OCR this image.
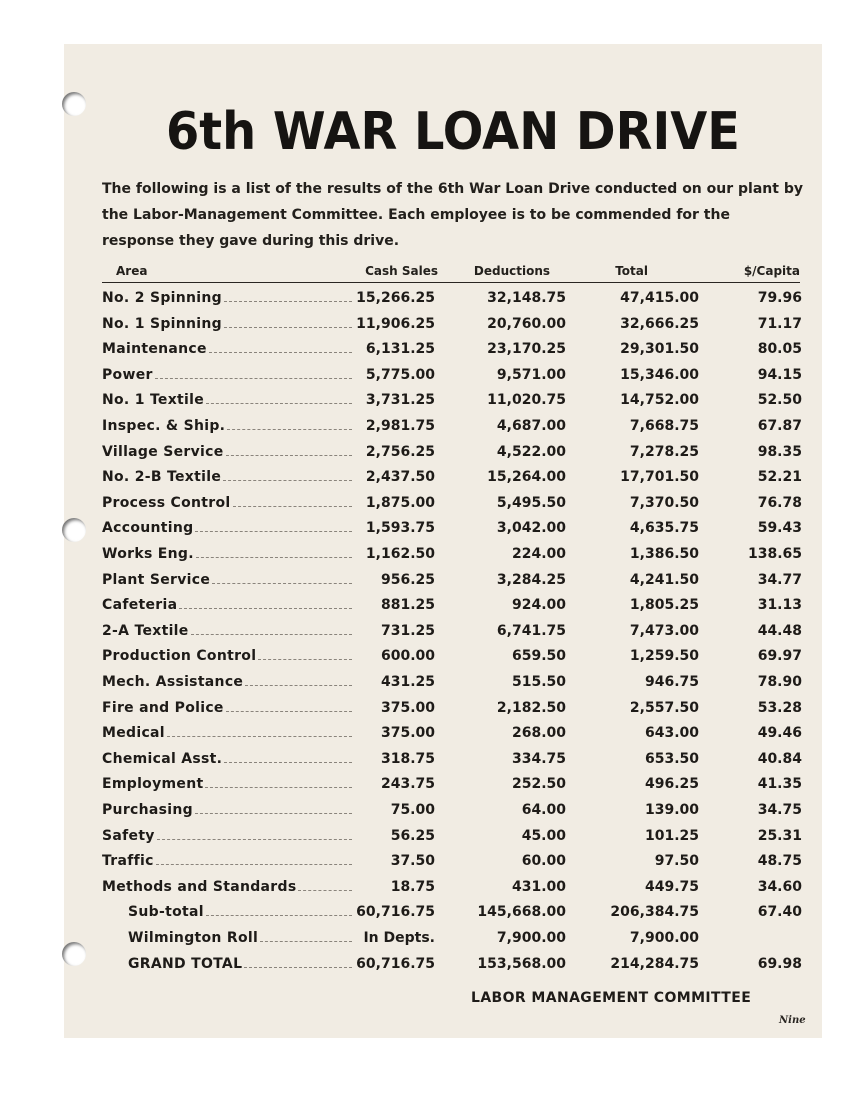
6th WAR LOAN DRIVE
The following is a list of the results of the 6th War Loan Drive conducted on our plant by the Labor-Management Committee. Each employee is to be commended for the response they gave during this drive.
Area	Cash Sales	Deductions	Total	$/Capita
No. 2 Spinning	15,266.25	32,148.75	47,415.00	79.96
No. 1 Spinning	11,906.25	20,760.00	32,666.25	71.17
Maintenance	6,131.25	23,170.25	29,301.50	80.05
Power	5,775.00	9,571.00	15,346.00	94.15
No. 1 Textile	3,731.25	11,020.75	14,752.00	52.50
Inspec. & Ship.	2,981.75	4,687.00	7,668.75	67.87
Village Service	2,756.25	4,522.00	7,278.25	98.35
No. 2-B Textile	2,437.50	15,264.00	17,701.50	52.21
Process Control	1,875.00	5,495.50	7,370.50	76.78
Accounting	1,593.75	3,042.00	4,635.75	59.43
Works Eng.	1,162.50	224.00	1,386.50	138.65
Plant Service	956.25	3,284.25	4,241.50	34.77
Cafeteria	881.25	924.00	1,805.25	31.13
2-A Textile	731.25	6,741.75	7,473.00	44.48
Production Control	600.00	659.50	1,259.50	69.97
Mech. Assistance	431.25	515.50	946.75	78.90
Fire and Police	375.00	2,182.50	2,557.50	53.28
Medical	375.00	268.00	643.00	49.46
Chemical Asst.	318.75	334.75	653.50	40.84
Employment	243.75	252.50	496.25	41.35
Purchasing	75.00	64.00	139.00	34.75
Safety	56.25	45.00	101.25	25.31
Traffic	37.50	60.00	97.50	48.75
Methods and Standards	18.75	431.00	449.75	34.60
Sub-total	60,716.75	145,668.00	206,384.75	67.40
Wilmington Roll	In Depts.	7,900.00	7,900.00
GRAND TOTAL	60,716.75	153,568.00	214,284.75	69.98
LABOR MANAGEMENT COMMITTEE
Nine
